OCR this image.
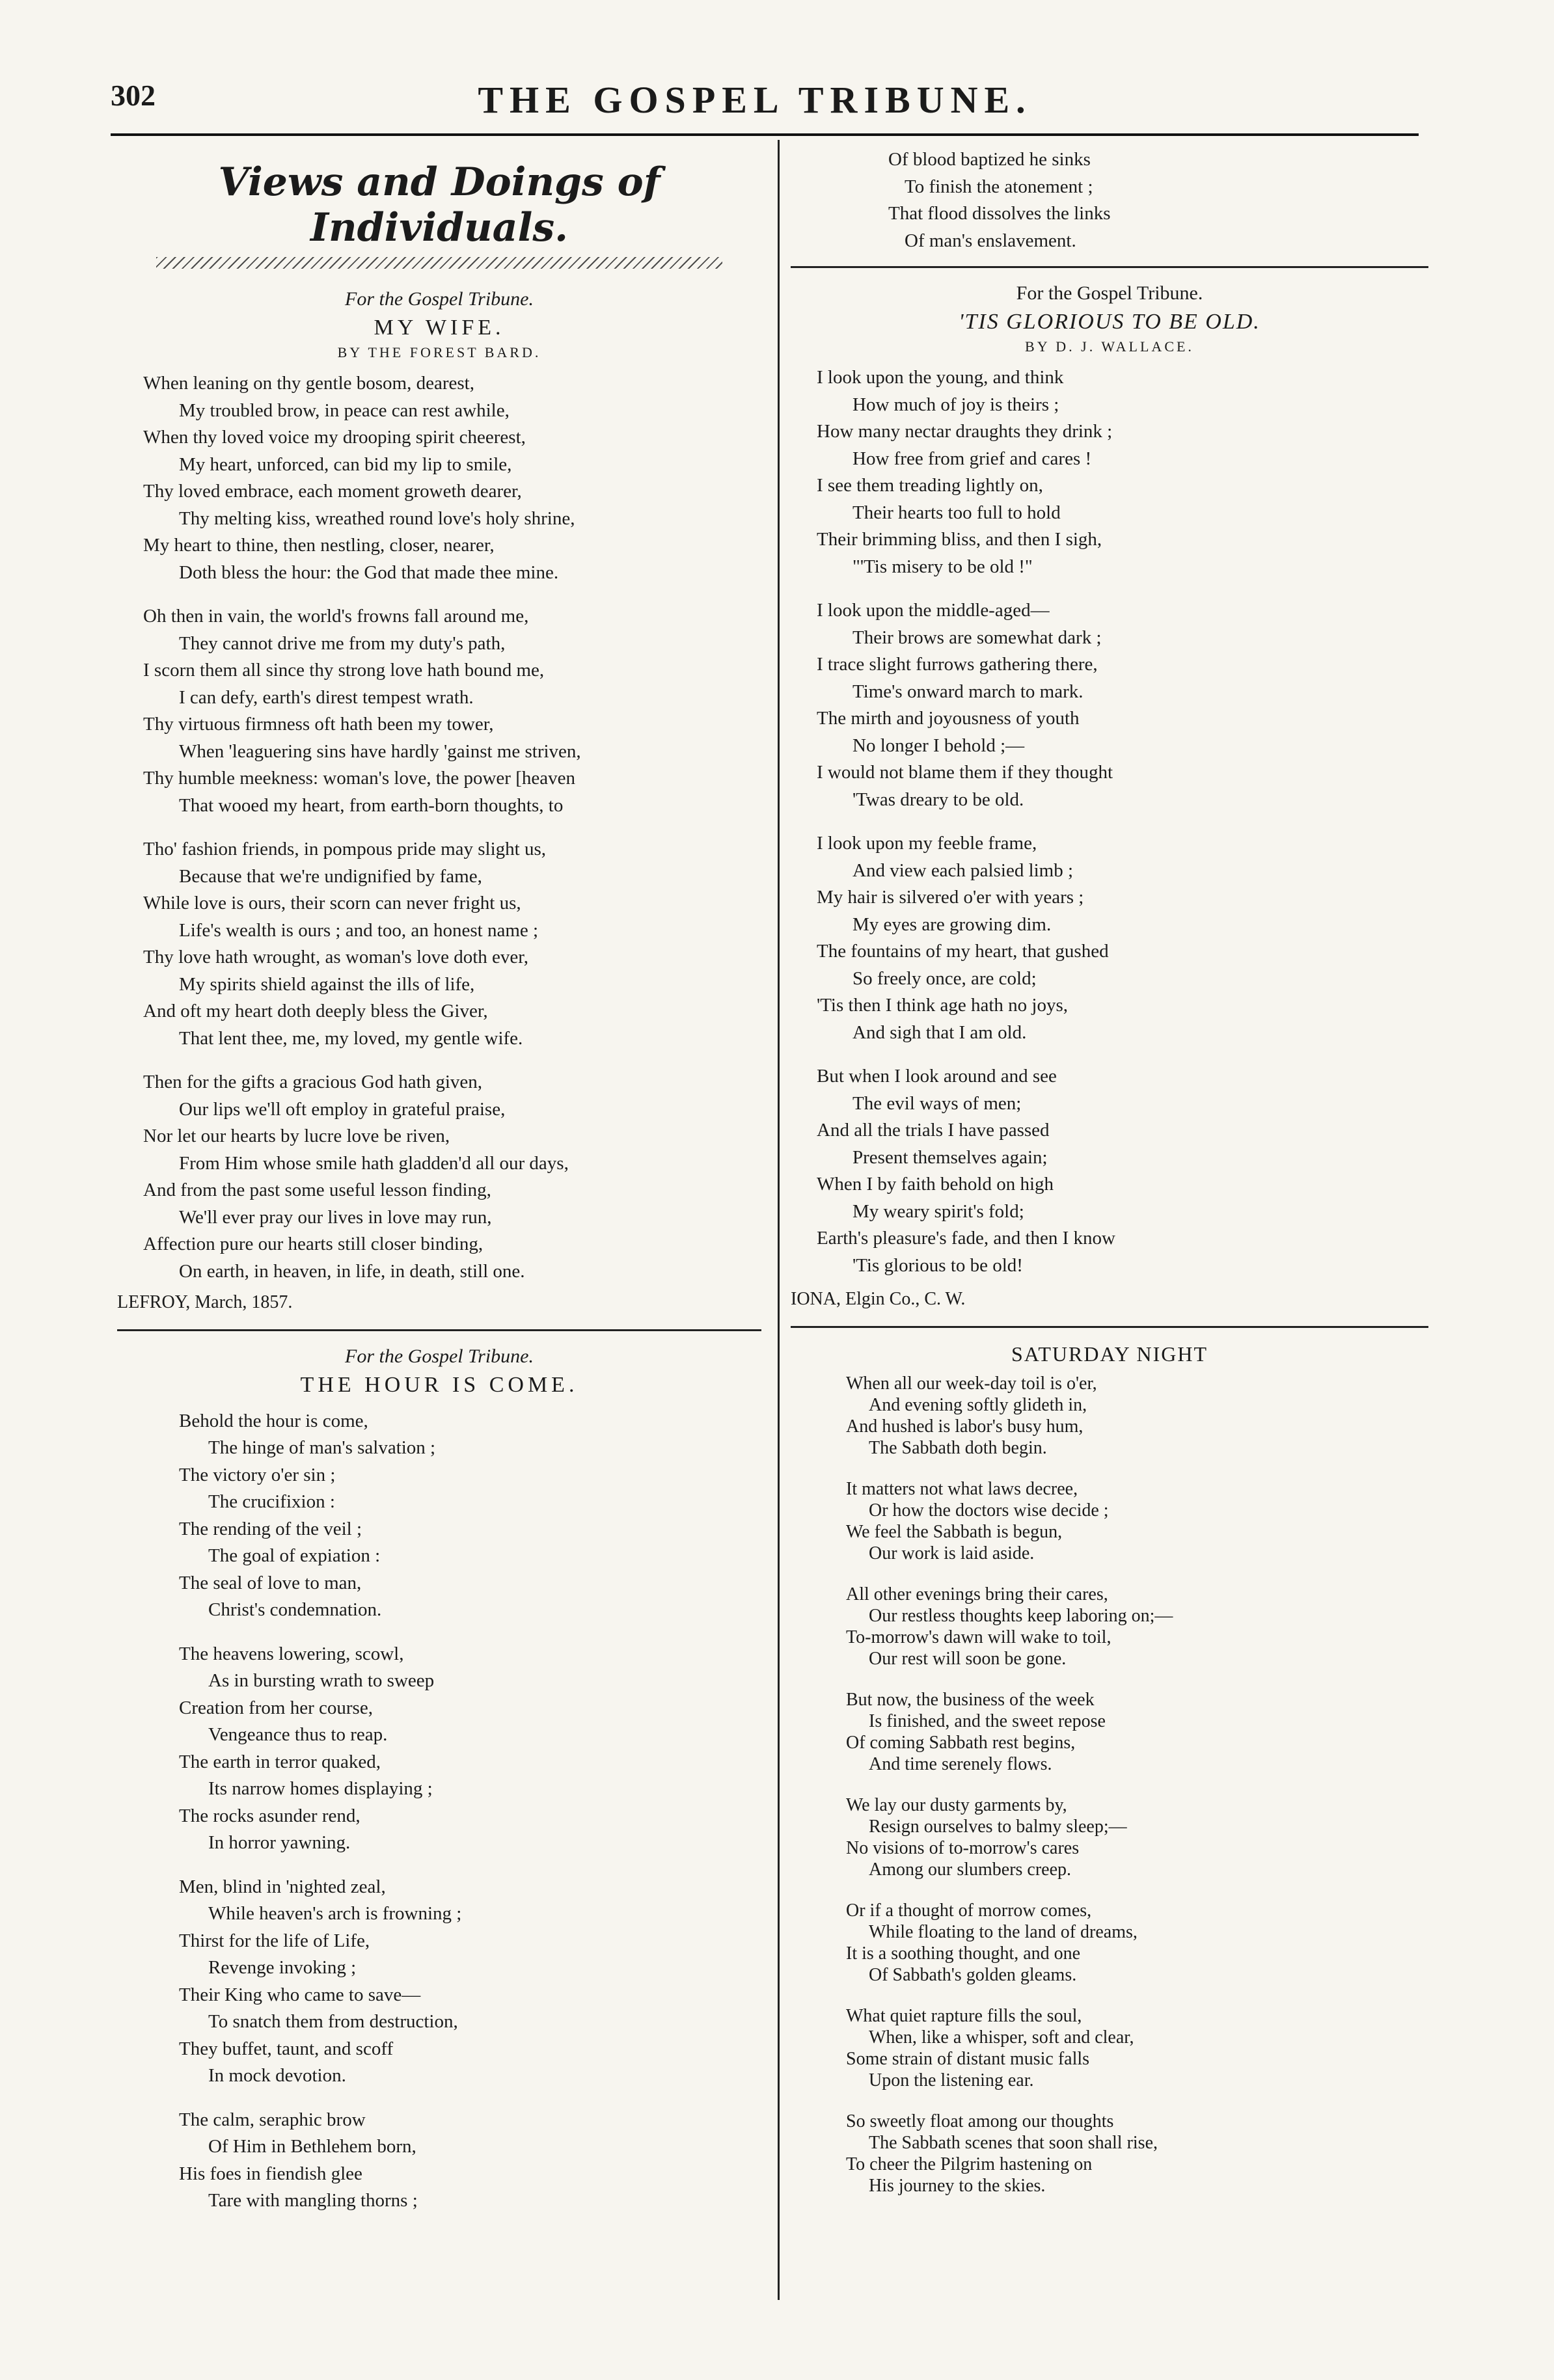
302	THE GOSPEL TRIBUNE.
Views and Doings of Individuals.
For the Gospel Tribune.
MY WIFE.
BY THE FOREST BARD.
When leaning on thy gentle bosom, dearest,
My troubled brow, in peace can rest awhile,
When thy loved voice my drooping spirit cheerest,
My heart, unforced, can bid my lip to smile,
Thy loved embrace, each moment groweth dearer,
Thy melting kiss, wreathed round love's holy shrine,
My heart to thine, then nestling, closer, nearer,
Doth bless the hour: the God that made thee mine.
Oh then in vain, the world's frowns fall around me,
They cannot drive me from my duty's path,
I scorn them all since thy strong love hath bound me,
I can defy, earth's direst tempest wrath.
Thy virtuous firmness oft hath been my tower,
When 'leaguering sins have hardly 'gainst me striven,
Thy humble meekness: woman's love, the power [heaven
That wooed my heart, from earth-born thoughts, to
Tho' fashion friends, in pompous pride may slight us,
Because that we're undignified by fame,
While love is ours, their scorn can never fright us,
Life's wealth is ours ; and too, an honest name ;
Thy love hath wrought, as woman's love doth ever,
My spirits shield against the ills of life,
And oft my heart doth deeply bless the Giver,
That lent thee, me, my loved, my gentle wife.
Then for the gifts a gracious God hath given,
Our lips we'll oft employ in grateful praise,
Nor let our hearts by lucre love be riven,
From Him whose smile hath gladden'd all our days,
And from the past some useful lesson finding,
We'll ever pray our lives in love may run,
Affection pure our hearts still closer binding,
On earth, in heaven, in life, in death, still one.
LEFROY, March, 1857.
For the Gospel Tribune.
THE HOUR IS COME.
Behold the hour is come,
The hinge of man's salvation ;
The victory o'er sin ;
The crucifixion :
The rending of the veil ;
The goal of expiation :
The seal of love to man,
Christ's condemnation.
The heavens lowering, scowl,
As in bursting wrath to sweep
Creation from her course,
Vengeance thus to reap.
The earth in terror quaked,
Its narrow homes displaying ;
The rocks asunder rend,
In horror yawning.
Men, blind in 'nighted zeal,
While heaven's arch is frowning ;
Thirst for the life of Life,
Revenge invoking ;
Their King who came to save—
To snatch them from destruction,
They buffet, taunt, and scoff
In mock devotion.
The calm, seraphic brow
Of Him in Bethlehem born,
His foes in fiendish glee
Tare with mangling thorns ;
Of blood baptized he sinks
To finish the atonement ;
That flood dissolves the links
Of man's enslavement.
For the Gospel Tribune.
'TIS GLORIOUS TO BE OLD.
BY D. J. WALLACE.
I look upon the young, and think
How much of joy is theirs ;
How many nectar draughts they drink ;
How free from grief and cares !
I see them treading lightly on,
Their hearts too full to hold
Their brimming bliss, and then I sigh,
"'Tis misery to be old !"
I look upon the middle-aged—
Their brows are somewhat dark ;
I trace slight furrows gathering there,
Time's onward march to mark.
The mirth and joyousness of youth
No longer I behold ;—
I would not blame them if they thought
'Twas dreary to be old.
I look upon my feeble frame,
And view each palsied limb ;
My hair is silvered o'er with years ;
My eyes are growing dim.
The fountains of my heart, that gushed
So freely once, are cold;
'Tis then I think age hath no joys,
And sigh that I am old.
But when I look around and see
The evil ways of men;
And all the trials I have passed
Present themselves again;
When I by faith behold on high
My weary spirit's fold;
Earth's pleasure's fade, and then I know
'Tis glorious to be old!
IONA, Elgin Co., C. W.
SATURDAY NIGHT
When all our week-day toil is o'er,
And evening softly glideth in,
And hushed is labor's busy hum,
The Sabbath doth begin.
It matters not what laws decree,
Or how the doctors wise decide ;
We feel the Sabbath is begun,
Our work is laid aside.
All other evenings bring their cares,
Our restless thoughts keep laboring on;—
To-morrow's dawn will wake to toil,
Our rest will soon be gone.
But now, the business of the week
Is finished, and the sweet repose
Of coming Sabbath rest begins,
And time serenely flows.
We lay our dusty garments by,
Resign ourselves to balmy sleep;—
No visions of to-morrow's cares
Among our slumbers creep.
Or if a thought of morrow comes,
While floating to the land of dreams,
It is a soothing thought, and one
Of Sabbath's golden gleams.
What quiet rapture fills the soul,
When, like a whisper, soft and clear,
Some strain of distant music falls
Upon the listening ear.
So sweetly float among our thoughts
The Sabbath scenes that soon shall rise,
To cheer the Pilgrim hastening on
His journey to the skies.
